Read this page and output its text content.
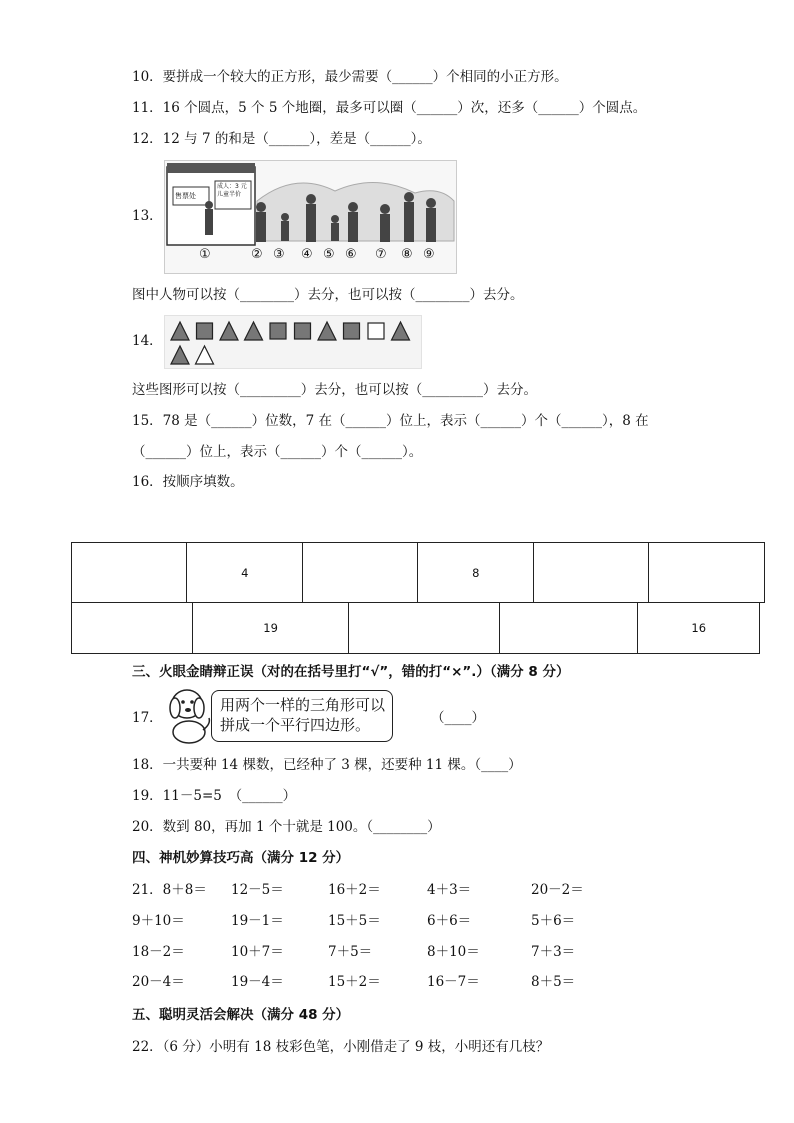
10．要拼成一个较大的正方形，最少需要（______）个相同的小正方形。
11．16 个圆点，5 个 5 个地圈，最多可以圈（______）次，还多（______）个圆点。
12．12 与 7 的和是（______），差是（______）。
13．
售票处
成人：3 元
儿童半价
①	② ③ ④ ⑤ ⑥ ⑦ ⑧ ⑨
图中人物可以按（________）去分，也可以按（________）去分。
14．
这些图形可以按（_________）去分，也可以按（_________）去分。
15．78 是（______）位数，7 在（______）位上，表示（______）个（______），8 在
（______）位上，表示（______）个（______）。
16．按顺序填数。
	4		8		
	19			16
三、火眼金睛辩正误（对的在括号里打“√”，错的打“×”.）（满分 8 分）
17．
用两个一样的三角形可以拼成一个平行四边形。	（____）
18．一共要种 14 棵数，已经种了 3 棵，还要种 11 棵。（____）
19．11－5=5　（______）
20．数到 80，再加 1 个十就是 100。（________）
四、神机妙算技巧高（满分 12 分）
21．8＋8＝ 12－5＝	16＋2＝	4＋3＝	20－2＝
9＋10＝	19－1＝	15＋5＝	6＋6＝	5＋6＝
18－2＝	10＋7＝	7＋5＝	8＋10＝	7＋3＝
20－4＝	19－4＝	15＋2＝	16－7＝	8＋5＝
五、聪明灵活会解决（满分 48 分）
22．（6 分）小明有 18 枝彩色笔，小刚借走了 9 枝，小明还有几枝？
